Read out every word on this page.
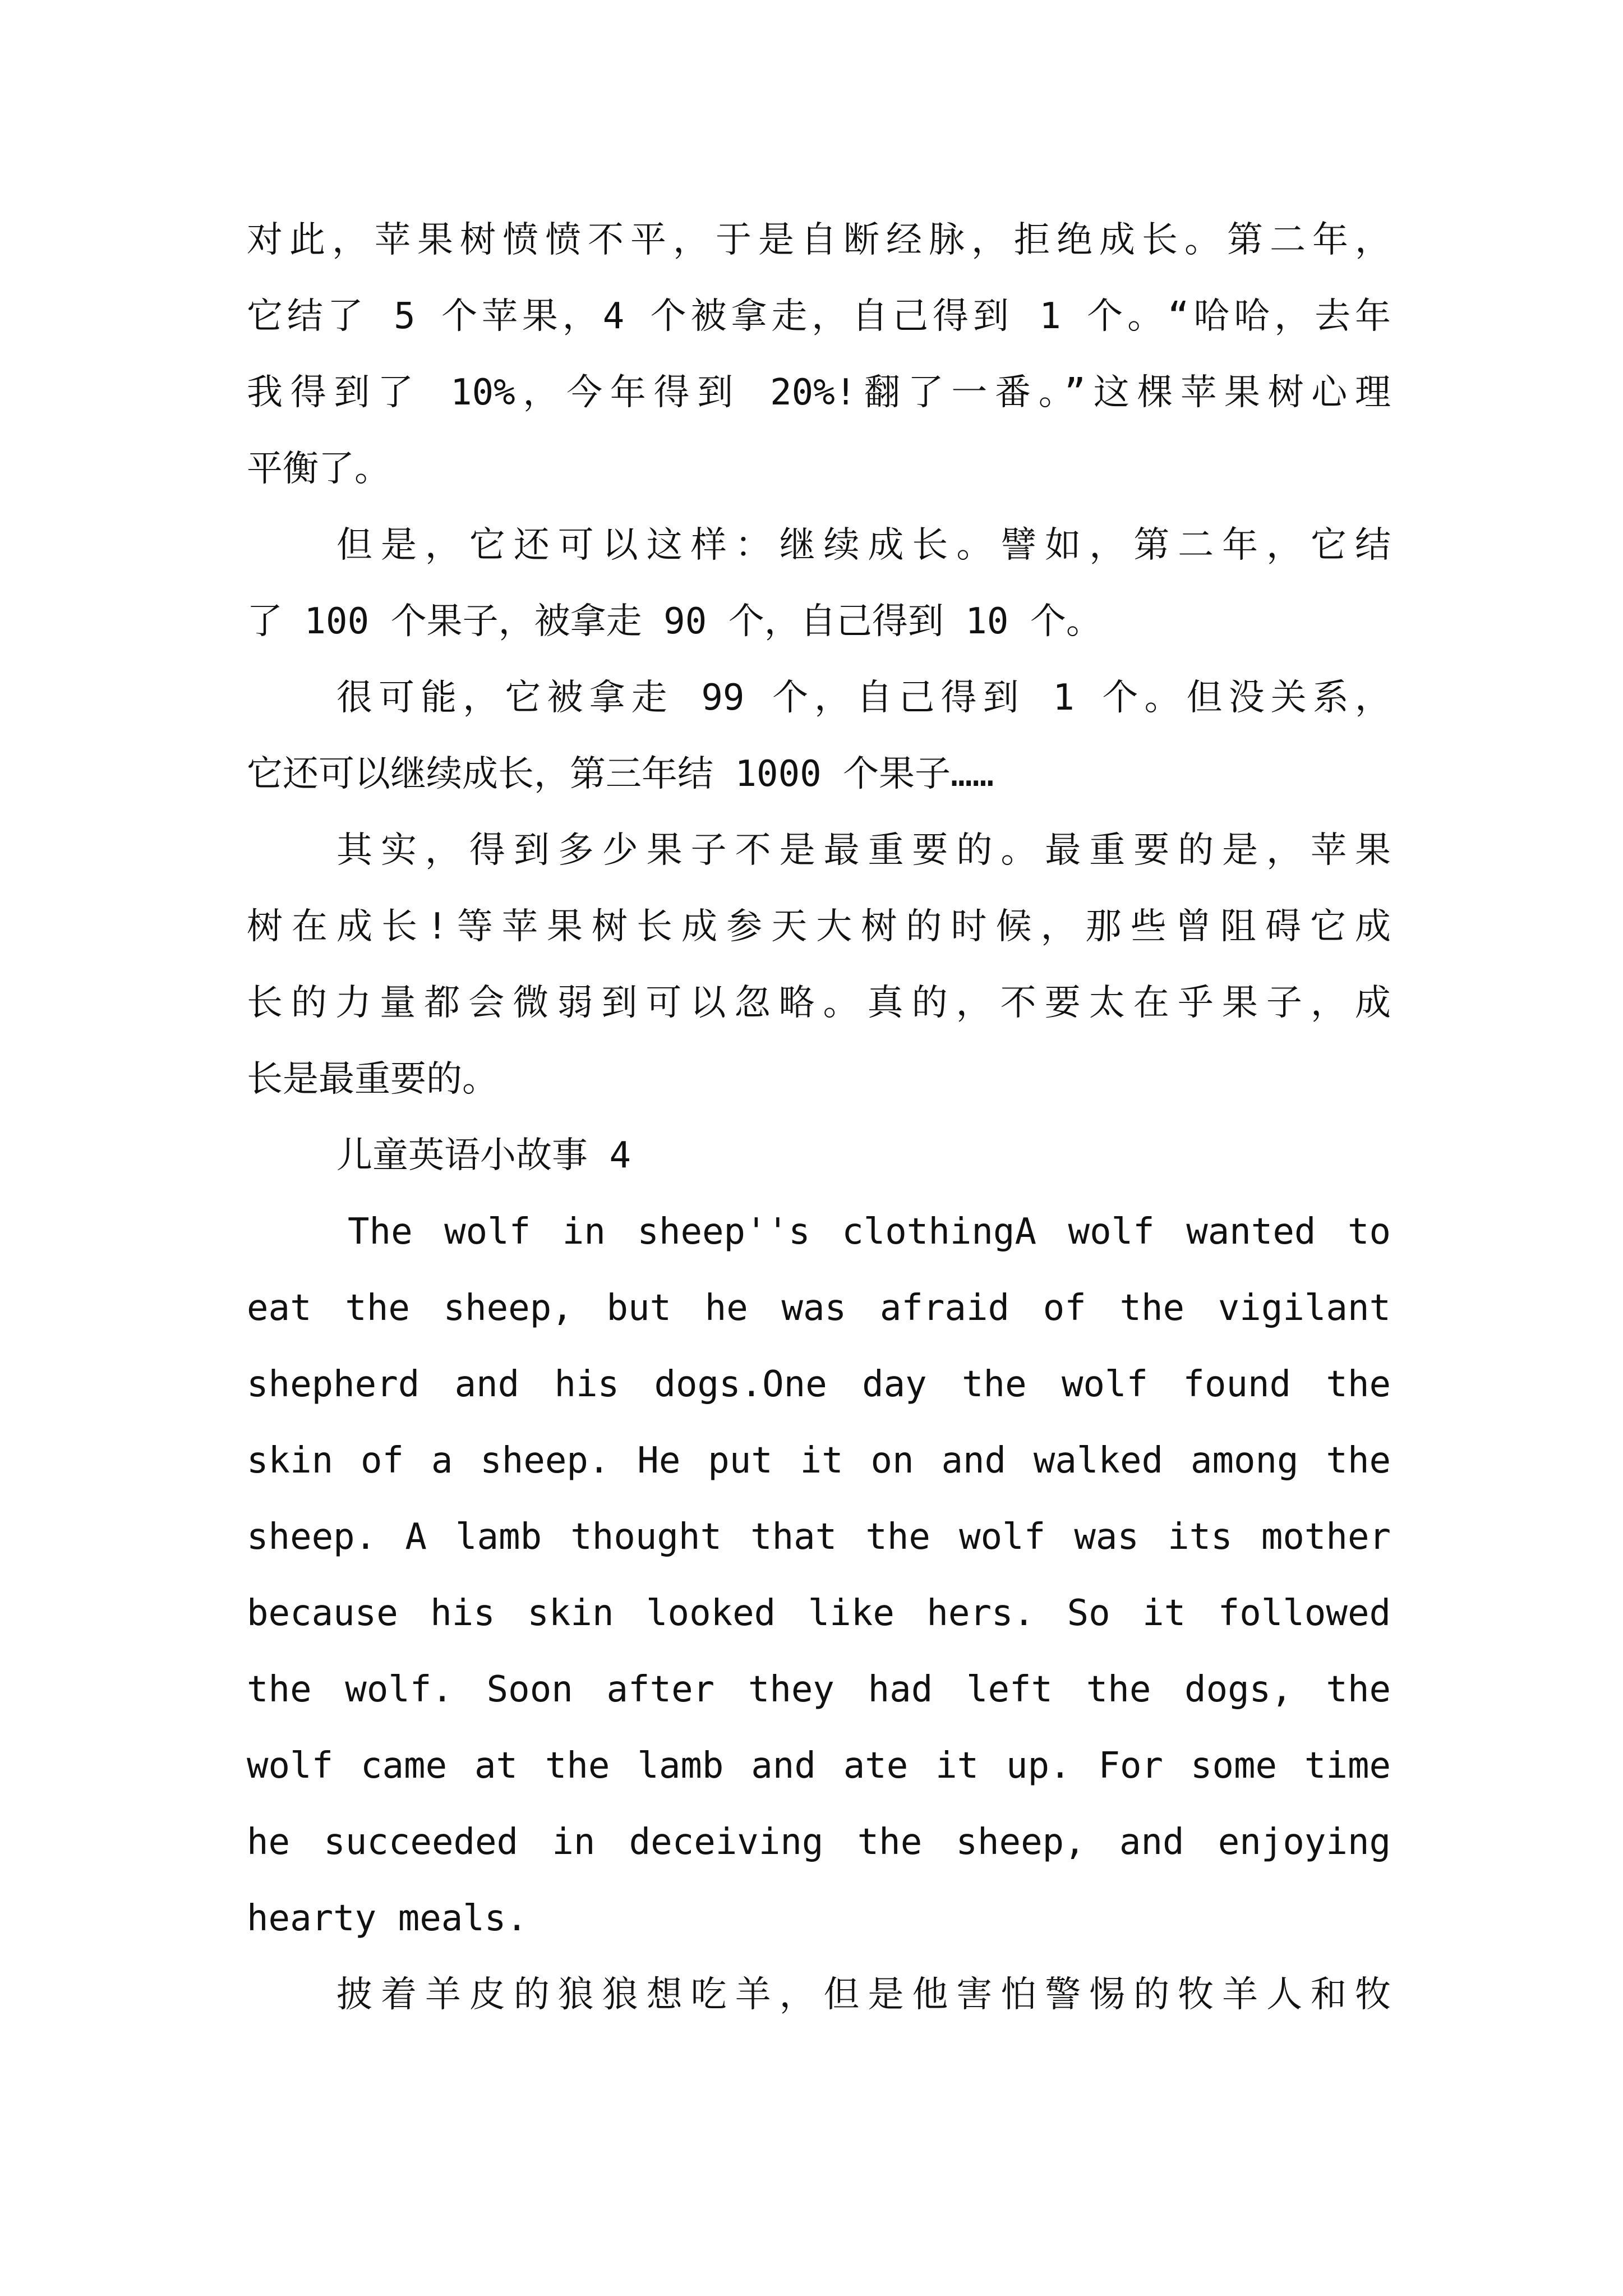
对此，苹果树愤愤不平，于是自断经脉，拒绝成长。第二年，

它结了 5 个苹果，4 个被拿走，自己得到 1 个。“哈哈，去年

我得到了 10%，今年得到 20%!翻了一番。”这棵苹果树心理

平衡了。

但是，它还可以这样：继续成长。譬如，第二年，它结

了 100 个果子，被拿走 90 个，自己得到 10 个。

很可能，它被拿走 99 个，自己得到 1 个。但没关系，

它还可以继续成长，第三年结 1000 个果子……

其实，得到多少果子不是最重要的。最重要的是，苹果

树在成长!等苹果树长成参天大树的时候，那些曾阻碍它成

长的力量都会微弱到可以忽略。真的，不要太在乎果子，成

长是最重要的。

儿童英语小故事 4

The wolf in sheep''s clothingA wolf wanted to

eat the sheep, but he was afraid of the vigilant

shepherd and his dogs.One day the wolf found the

skin of a sheep. He put it on and walked among the

sheep. A lamb thought that the wolf was its mother

because his skin looked like hers. So it followed

the wolf. Soon after they had left the dogs, the

wolf came at the lamb and ate it up. For some time

he succeeded in deceiving the sheep, and enjoying

hearty meals.

披着羊皮的狼狼想吃羊，但是他害怕警惕的牧羊人和牧
